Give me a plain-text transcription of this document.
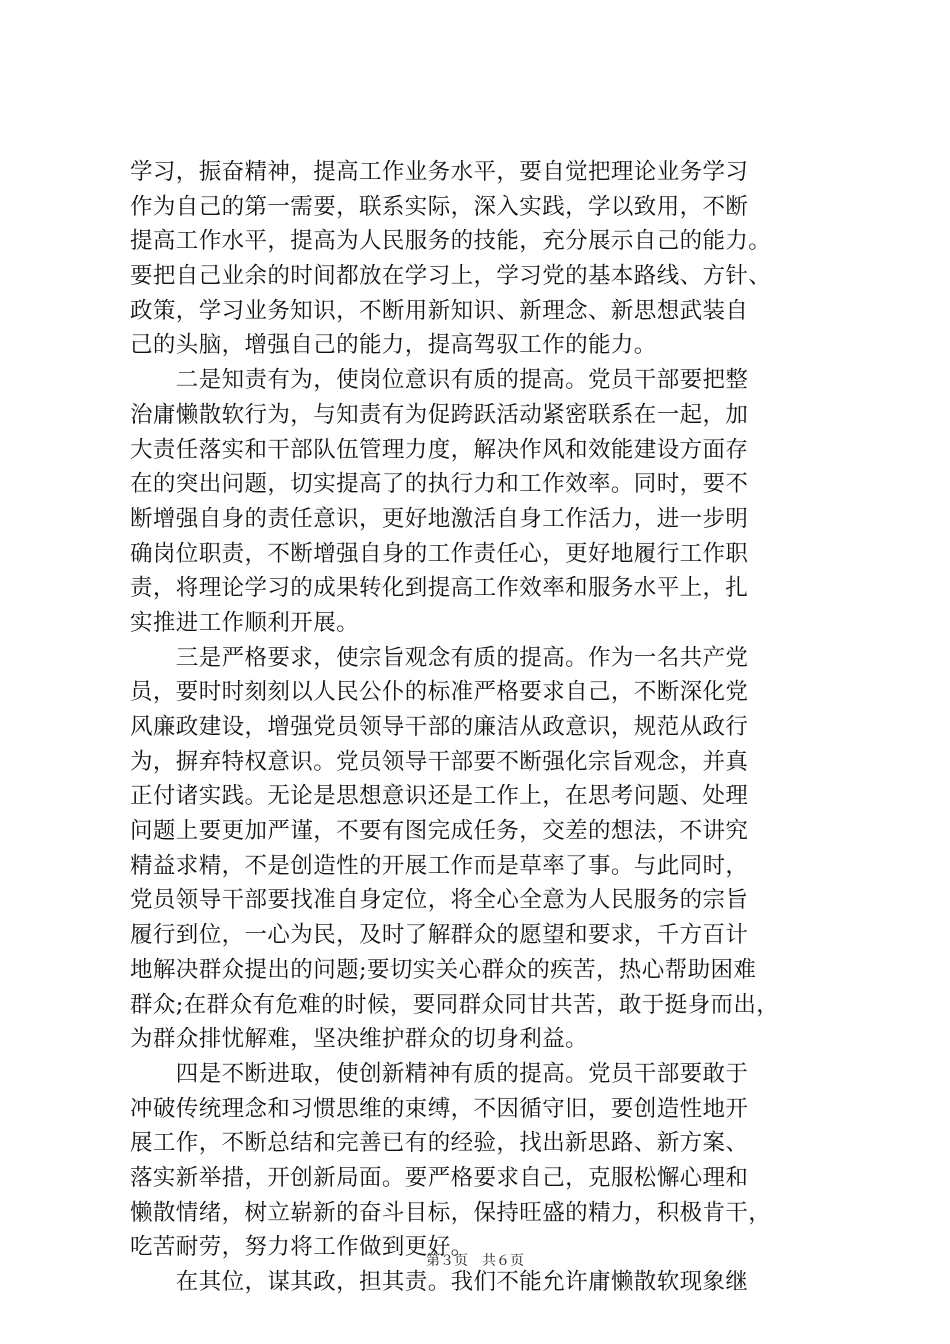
学习，振奋精神，提高工作业务水平，要自觉把理论业务学习
作为自己的第一需要，联系实际，深入实践，学以致用，不断
提高工作水平，提高为人民服务的技能，充分展示自己的能力。
要把自己业余的时间都放在学习上，学习党的基本路线、方针、
政策，学习业务知识，不断用新知识、新理念、新思想武装自
己的头脑，增强自己的能力，提高驾驭工作的能力。
　　二是知责有为，使岗位意识有质的提高。党员干部要把整
治庸懒散软行为，与知责有为促跨跃活动紧密联系在一起，加
大责任落实和干部队伍管理力度，解决作风和效能建设方面存
在的突出问题，切实提高了的执行力和工作效率。同时，要不
断增强自身的责任意识，更好地激活自身工作活力，进一步明
确岗位职责，不断增强自身的工作责任心，更好地履行工作职
责，将理论学习的成果转化到提高工作效率和服务水平上，扎
实推进工作顺利开展。
　　三是严格要求，使宗旨观念有质的提高。作为一名共产党
员，要时时刻刻以人民公仆的标准严格要求自己，不断深化党
风廉政建设，增强党员领导干部的廉洁从政意识，规范从政行
为，摒弃特权意识。党员领导干部要不断强化宗旨观念，并真
正付诸实践。无论是思想意识还是工作上，在思考问题、处理
问题上要更加严谨，不要有图完成任务，交差的想法，不讲究
精益求精，不是创造性的开展工作而是草率了事。与此同时，
党员领导干部要找准自身定位，将全心全意为人民服务的宗旨
履行到位，一心为民，及时了解群众的愿望和要求，千方百计
地解决群众提出的问题;要切实关心群众的疾苦，热心帮助困难
群众;在群众有危难的时候，要同群众同甘共苦，敢于挺身而出，
为群众排忧解难，坚决维护群众的切身利益。
　　四是不断进取，使创新精神有质的提高。党员干部要敢于
冲破传统理念和习惯思维的束缚，不因循守旧，要创造性地开
展工作，不断总结和完善已有的经验，找出新思路、新方案、
落实新举措，开创新局面。要严格要求自己，克服松懈心理和
懒散情绪，树立崭新的奋斗目标，保持旺盛的精力，积极肯干，
吃苦耐劳，努力将工作做到更好。
　　在其位，谋其政，担其责。我们不能允许庸懒散软现象继
第３页　共６页
